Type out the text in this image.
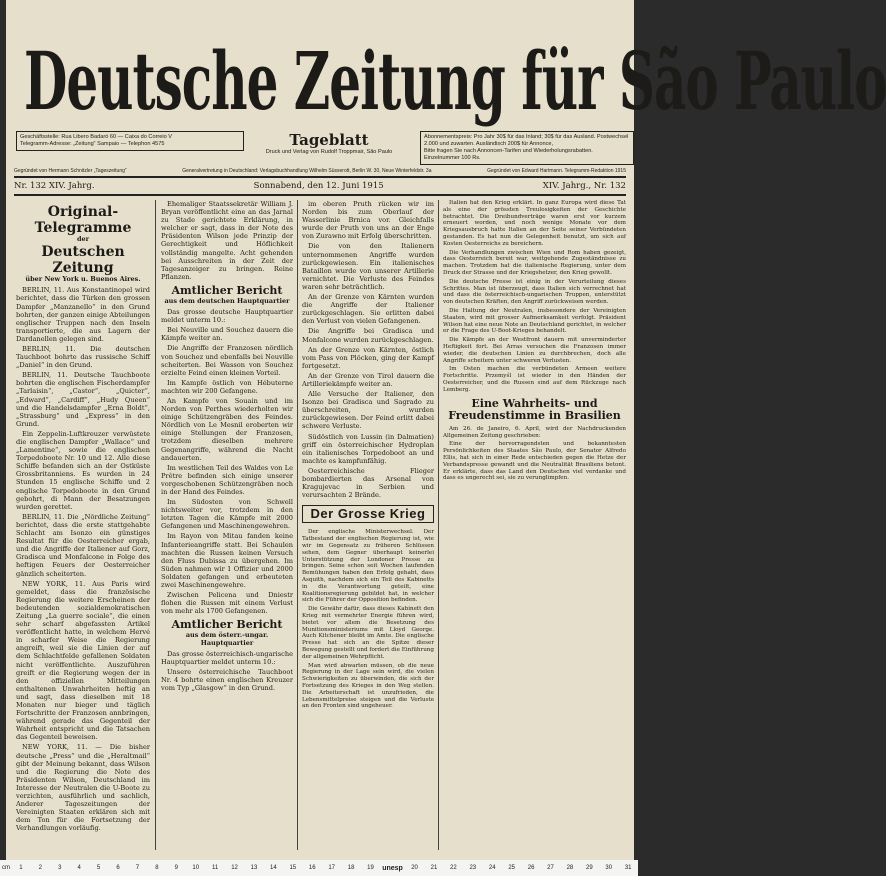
Deutsche Zeitung für São Paulo
Geschäftsstelle: Rua Libero Badaró 60 — Caixa do Correio V
Telegramm-Adresse: „Zeitung“ Sampaio — Telephon 4575	Tageblatt
Druck und Verlag von Rudolf Troppmair, São Paulo
Abonnementspreis: Pro Jahr 30$ für das Inland; 30$ für das Ausland. Postwechsel 2.000 und zuwarten. Ausländisch 200$ für Annonce,
Bitte fragen Sie nach Annoncen-Tarifen und Wiederholungsrabatten. Einzelnummer 100 Rs.
Gegründet von Hermann Schnitzler „Tageszeitung“	Generalvertretung in Deutschland: Verlagsbuchhandlung Wilhelm Süsserott, Berlin W. 30, Neue Winterfeldstr. 3a	Gegründet von Edward Hartmann. Telegramm-Redaktion 1915
Nr. 132 XIV. Jahrg.	Sonnabend, den 12. Juni 1915	XIV. Jahrg., Nr. 132
Original-Telegramme
der
Deutschen Zeitung
über New York u. Buenos Aires.

BERLIN, 11. Aus Konstantinopel wird berichtet, dass die Türken den grossen Dampfer „Manzanello“ in den Grund bohrten, der ganzen einige Abteilungen englischer Truppen nach den Inseln transportierte, die aus Lagern der Dardanellen gelegen sind.

BERLIN, 11. Die deutschen Tauchboot bohrte das russische Schiff „Daniel“ in den Grund.

BERLIN, 11. Deutsche Tauchboote bohrten die englischen Fischerdampfer „Tarlaisin“, „Castor“, „Quicter“, „Edward“, „Cardiff“, „Hudy Queen“ und die Handelsdampfer „Erna Boldt“, „Strassburg“ und „Express“ in den Grund.

Ein Zeppelin-Luftkreuzer verwüstete die englischen Dampfer „Wallace“ und „Lamentine“, sowie die englischen Torpedoboote Nr. 10 und 12. Alle diese Schiffe befanden sich an der Ostküste Grossbritanniens. Es wurden in 24 Stunden 15 englische Schiffe und 2 englische Torpedoboote in den Grund gebohrt, di Mann der Besatzungen wurden gerettet.

BERLIN, 11. Die „Nördliche Zeitung“ berichtet, dass die erste stattgehabte Schlacht am Isonzo ein günstiges Resultat für die Oesterreicher ergab, und die Angriffe der Italiener auf Gorz, Gradisca und Monfalcone in Folge des heftigen Feuers der Oesterreicher gänzlich scheiterten.

NEW YORK, 11. Aus Paris wird gemeldet, dass die französische Regierung die weitere Erscheinen der bedeutenden sozialdemokratischen Zeitung „La guerre sociale“, die einen sehr scharf abgefassten Artikel veröffentlicht hatte, in welchem Hervé in scharfer Weise die Regierung angreift, weil sie die Linien der auf dem Schlachtfelde gefallenen Soldaten nicht veröffentlichte. Auszuführen greift er die Regierung wegen der in den offiziellen Mitteilungen enthaltenen Unwahrheiten heftig an und sagt, dass dieselben mit 18 Monaten nur bieger und täglich Fortschritte der Franzosen annbringen, während gerade das Gegenteil der Wahrheit entspricht und die Tatsachen das Gegenteil beweisen.

NEW YORK, 11. — Die bisher deutsche „Press“ und die „Heraltmail“ gibt der Meinung bekannt, dass Wilson und die Regierung die Note des Präsidenten Wilson, Deutschland im Interesse der Neutralen die U-Boote zu verzichten, ausführlich und sachlich, Anderer Tageszeitungen der Vereinigten Staaten erklären sich mit dem Ton für die Fortsetzung der Verhandlungen vorläufig.

Ehemaliger Staatssekretär William J. Bryan veröffentlicht eine an das Jarnal zu Stade gerichtete Erklärung, in welcher er sagt, dass in der Note des Präsidenten Wilson jede Prinzip der Gerechtigkeit und Höflichkeit vollständig mangelte. Acht gehenden bei Ausschreiten in der Zeit der Tagesanzeiger zu bringen. Reine Pflanzen.

Amtlicher Bericht
aus dem deutschen Hauptquartier

Das grosse deutsche Hauptquartier meldet unterm 10.:

Bei Neuville und Souchez dauern die Kämpfe weiter an.

Die Angriffe der Franzosen nördlich von Souchez und ebenfalls bei Neuville scheiterten. Bei Wasson von Souchez erzielte Feind einen kleinen Vorteil.

Im Kampfe östlich von Hébuterne machten wir 200 Gefangene.

An Kampfe von Souain und im Norden von Perthes wiederholten wir einige Schützengräben des Feindes. Nördlich von Le Mesnil eroberten wir einige Stellungen der Franzosen, trotzdem dieselben mehrere Gegenangriffe, während die Nacht andauerten.

Im westlichen Teil des Waldes von Le Prêtre befinden sich einige unserer vorgeschobenen Schützengräben noch in der Hand des Feindes.

Im Südosten von Schwell nichtsweiter vor, trotzdem in den letzten Tagen die Kämpfe mit 2000 Gefangenen und Maschinengewehren.

Im Rayon von Mitau fanden keine Infanterieangriffe statt. Bei Schaulen machten die Russen keinen Versuch den Fluss Dubissa zu übergehen. Im Süden nahmen wir 1 Offizier und 2000 Soldaten gefangen und erbeuteten zwei Maschinengewehre.

Zwischen Pelicena und Dniestr flohen die Russen mit einem Verlust von mehr als 1700 Gefangenen.

Amtlicher Bericht
aus dem österr.-ungar. Hauptquartier

Das grosse österreichisch-ungarische Hauptquartier meldet unterm 10.:

Unsere österreichische Tauchboot Nr. 4 bohrte einen englischen Kreuzer vom Typ „Glasgow“ in den Grund.

im oberen Pruth rücken wir im Norden bis zum Oberlauf der Wasserlinie Brnica vor. Gleichfalls wurde der Pruth von uns an der Enge von Zurawno mit Erfolg überschritten.

Die von den Italienern unternommenen Angriffe wurden zurückgewiesen. Ein italienisches Bataillon wurde von unserer Artillerie vernichtet. Die Verluste des Feindes waren sehr beträchtlich.

An der Grenze von Kärnten wurden die Angriffe der Italiener zurückgeschlagen. Sie erlitten dabei den Verlust von vielen Gefangenen.

Die Angriffe bei Gradisca und Monfalcone wurden zurückgeschlagen.

An der Grenze von Kärnten, östlich vom Pass von Plöcken, ging der Kampf fortgesetzt.

An der Grenze von Tirol dauern die Artilleriekämpfe weiter an.

Alle Versuche der Italiener, den Isonzo bei Gradisca und Sagrado zu überschreiten, wurden zurückgewiesen. Der Feind erlitt dabei schwere Verluste.

Südöstlich von Lussin (in Dalmatien) griff ein österreichischer Hydroplan ein italienisches Torpedoboot an und machte es kampfunfähig.

Oesterreichische Flieger bombardierten das Arsenal von Kragujevac in Serbien und verursachten 2 Brände.

Der Grosse Krieg

Der englische Ministerwechsel. Der Tatbestand der englischen Regierung ist, wie wir im Gegensatz zu früheren Schlüssen sehen, dem Gegner überhaupt keinerlei Unterstützung der Londoner Presse zu bringen. Seine schon seit Wochen laufenden Bemühungen haben den Erfolg gehabt, dass Asquith, nachdem sich ein Teil des Kabinetts in die Verantwortung geteilt, eine Koalitionsregierung gebildet hat, in welcher sich die Führer der Opposition befinden.

Die Gewähr dafür, dass dieses Kabinett den Krieg mit vermehrter Energie führen wird, bietet vor allem die Besetzung des Munitionsministeriums mit Lloyd George. Auch Kitchener bleibt im Amte. Die englische Presse hat sich an die Spitze dieser Bewegung gestellt und fordert die Einführung der allgemeinen Wehrpflicht.

Man wird abwarten müssen, ob die neue Regierung in der Lage sein wird, die vielen Schwierigkeiten zu überwinden, die sich der Fortsetzung des Krieges in den Weg stellen. Die Arbeiterschaft ist unzufrieden, die Lebensmittelpreise steigen und die Verluste an den Fronten sind ungeheuer.

Italien hat den Krieg erklärt. In ganz Europa wird diese Tat als eine der grössten Treulosigkeiten der Geschichte betrachtet. Die Dreibundverträge waren erst vor kurzem erneuert worden, und noch wenige Monate vor dem Kriegsausbruch hatte Italien an der Seite seiner Verbündeten gestanden. Es hat nun die Gelegenheit benutzt, um sich auf Kosten Oesterreichs zu bereichern.

Die Verhandlungen zwischen Wien und Rom haben gezeigt, dass Oesterreich bereit war, weitgehende Zugeständnisse zu machen. Trotzdem hat die italienische Regierung, unter dem Druck der Strasse und der Kriegshetzer, den Krieg gewollt.

Die deutsche Presse ist einig in der Verurteilung dieses Schrittes. Man ist überzeugt, dass Italien sich verrechnet hat und dass die österreichisch-ungarischen Truppen, unterstützt von deutschen Kräften, den Angriff zurückweisen werden.

Die Haltung der Neutralen, insbesondere der Vereinigten Staaten, wird mit grosser Aufmerksamkeit verfolgt. Präsident Wilson hat eine neue Note an Deutschland gerichtet, in welcher er die Frage des U-Boot-Krieges behandelt.

Die Kämpfe an der Westfront dauern mit unverminderter Heftigkeit fort. Bei Arras versuchen die Franzosen immer wieder, die deutschen Linien zu durchbrechen, doch alle Angriffe scheitern unter schweren Verlusten.

Im Osten machen die verbündeten Armeen weitere Fortschritte. Przemyśl ist wieder in den Händen der Oesterreicher, und die Russen sind auf dem Rückzuge nach Lemberg.

Eine Wahrheits- und Freudenstimme in Brasilien

Am 26. de Janeiro, 6. April, wird der Nachdruckenden Allgemeinen Zeitung geschrieben:

Eine der hervorragendsten und bekanntesten Persönlichkeiten des Staates São Paulo, der Senator Alfredo Ellis, hat sich in einer Rede entschieden gegen die Hetze der Verbandspresse gewandt und die Neutralität Brasiliens betont. Er erklärte, dass das Land den Deutschen viel verdanke und dass es ungerecht sei, sie zu verunglimpfen.

cm	1	2	3	4	5	6	7	8	9	10	11	12	13	14	15	16	17	18	19	unesp	20	21	22	23	24	25	26	27	28	29	30	31
